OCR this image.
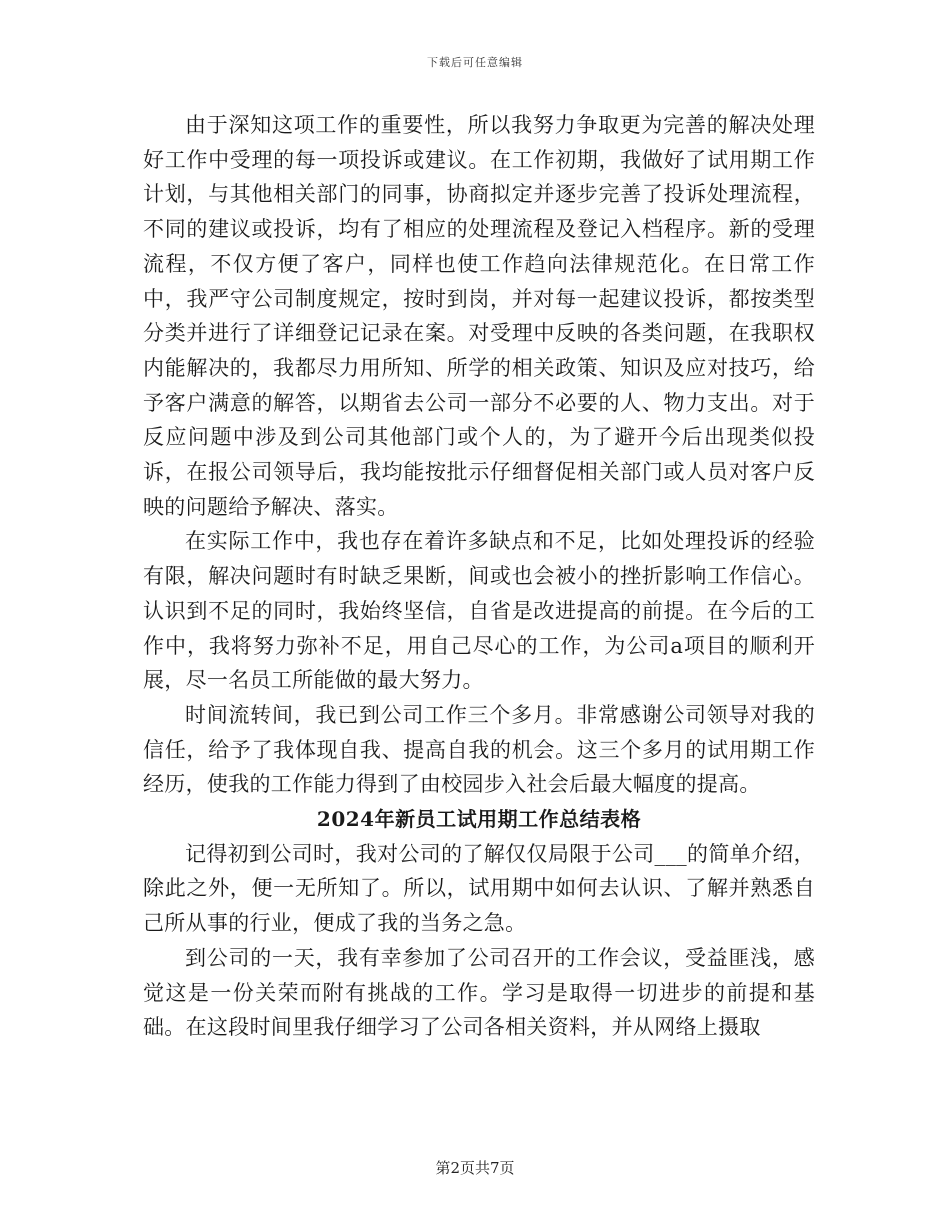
下载后可任意编辑

由于深知这项工作的重要性，所以我努力争取更为完善的解决处理好工作中受理的每一项投诉或建议。在工作初期，我做好了试用期工作计划，与其他相关部门的同事，协商拟定并逐步完善了投诉处理流程，不同的建议或投诉，均有了相应的处理流程及登记入档程序。新的受理流程，不仅方便了客户，同样也使工作趋向法律规范化。在日常工作中，我严守公司制度规定，按时到岗，并对每一起建议投诉，都按类型分类并进行了详细登记记录在案。对受理中反映的各类问题，在我职权内能解决的，我都尽力用所知、所学的相关政策、知识及应对技巧，给予客户满意的解答，以期省去公司一部分不必要的人、物力支出。对于反应问题中涉及到公司其他部门或个人的，为了避开今后出现类似投诉，在报公司领导后，我均能按批示仔细督促相关部门或人员对客户反映的问题给予解决、落实。

在实际工作中，我也存在着许多缺点和不足，比如处理投诉的经验有限，解决问题时有时缺乏果断，间或也会被小的挫折影响工作信心。认识到不足的同时，我始终坚信，自省是改进提高的前提。在今后的工作中，我将努力弥补不足，用自己尽心的工作，为公司a项目的顺利开展，尽一名员工所能做的最大努力。

时间流转间，我已到公司工作三个多月。非常感谢公司领导对我的信任，给予了我体现自我、提高自我的机会。这三个多月的试用期工作经历，使我的工作能力得到了由校园步入社会后最大幅度的提高。

2024年新员工试用期工作总结表格

记得初到公司时，我对公司的了解仅仅局限于公司___的简单介绍，除此之外，便一无所知了。所以，试用期中如何去认识、了解并熟悉自己所从事的行业，便成了我的当务之急。

到公司的一天，我有幸参加了公司召开的工作会议，受益匪浅，感觉这是一份关荣而附有挑战的工作。学习是取得一切进步的前提和基础。在这段时间里我仔细学习了公司各相关资料，并从网络上摄取

第2页共7页
